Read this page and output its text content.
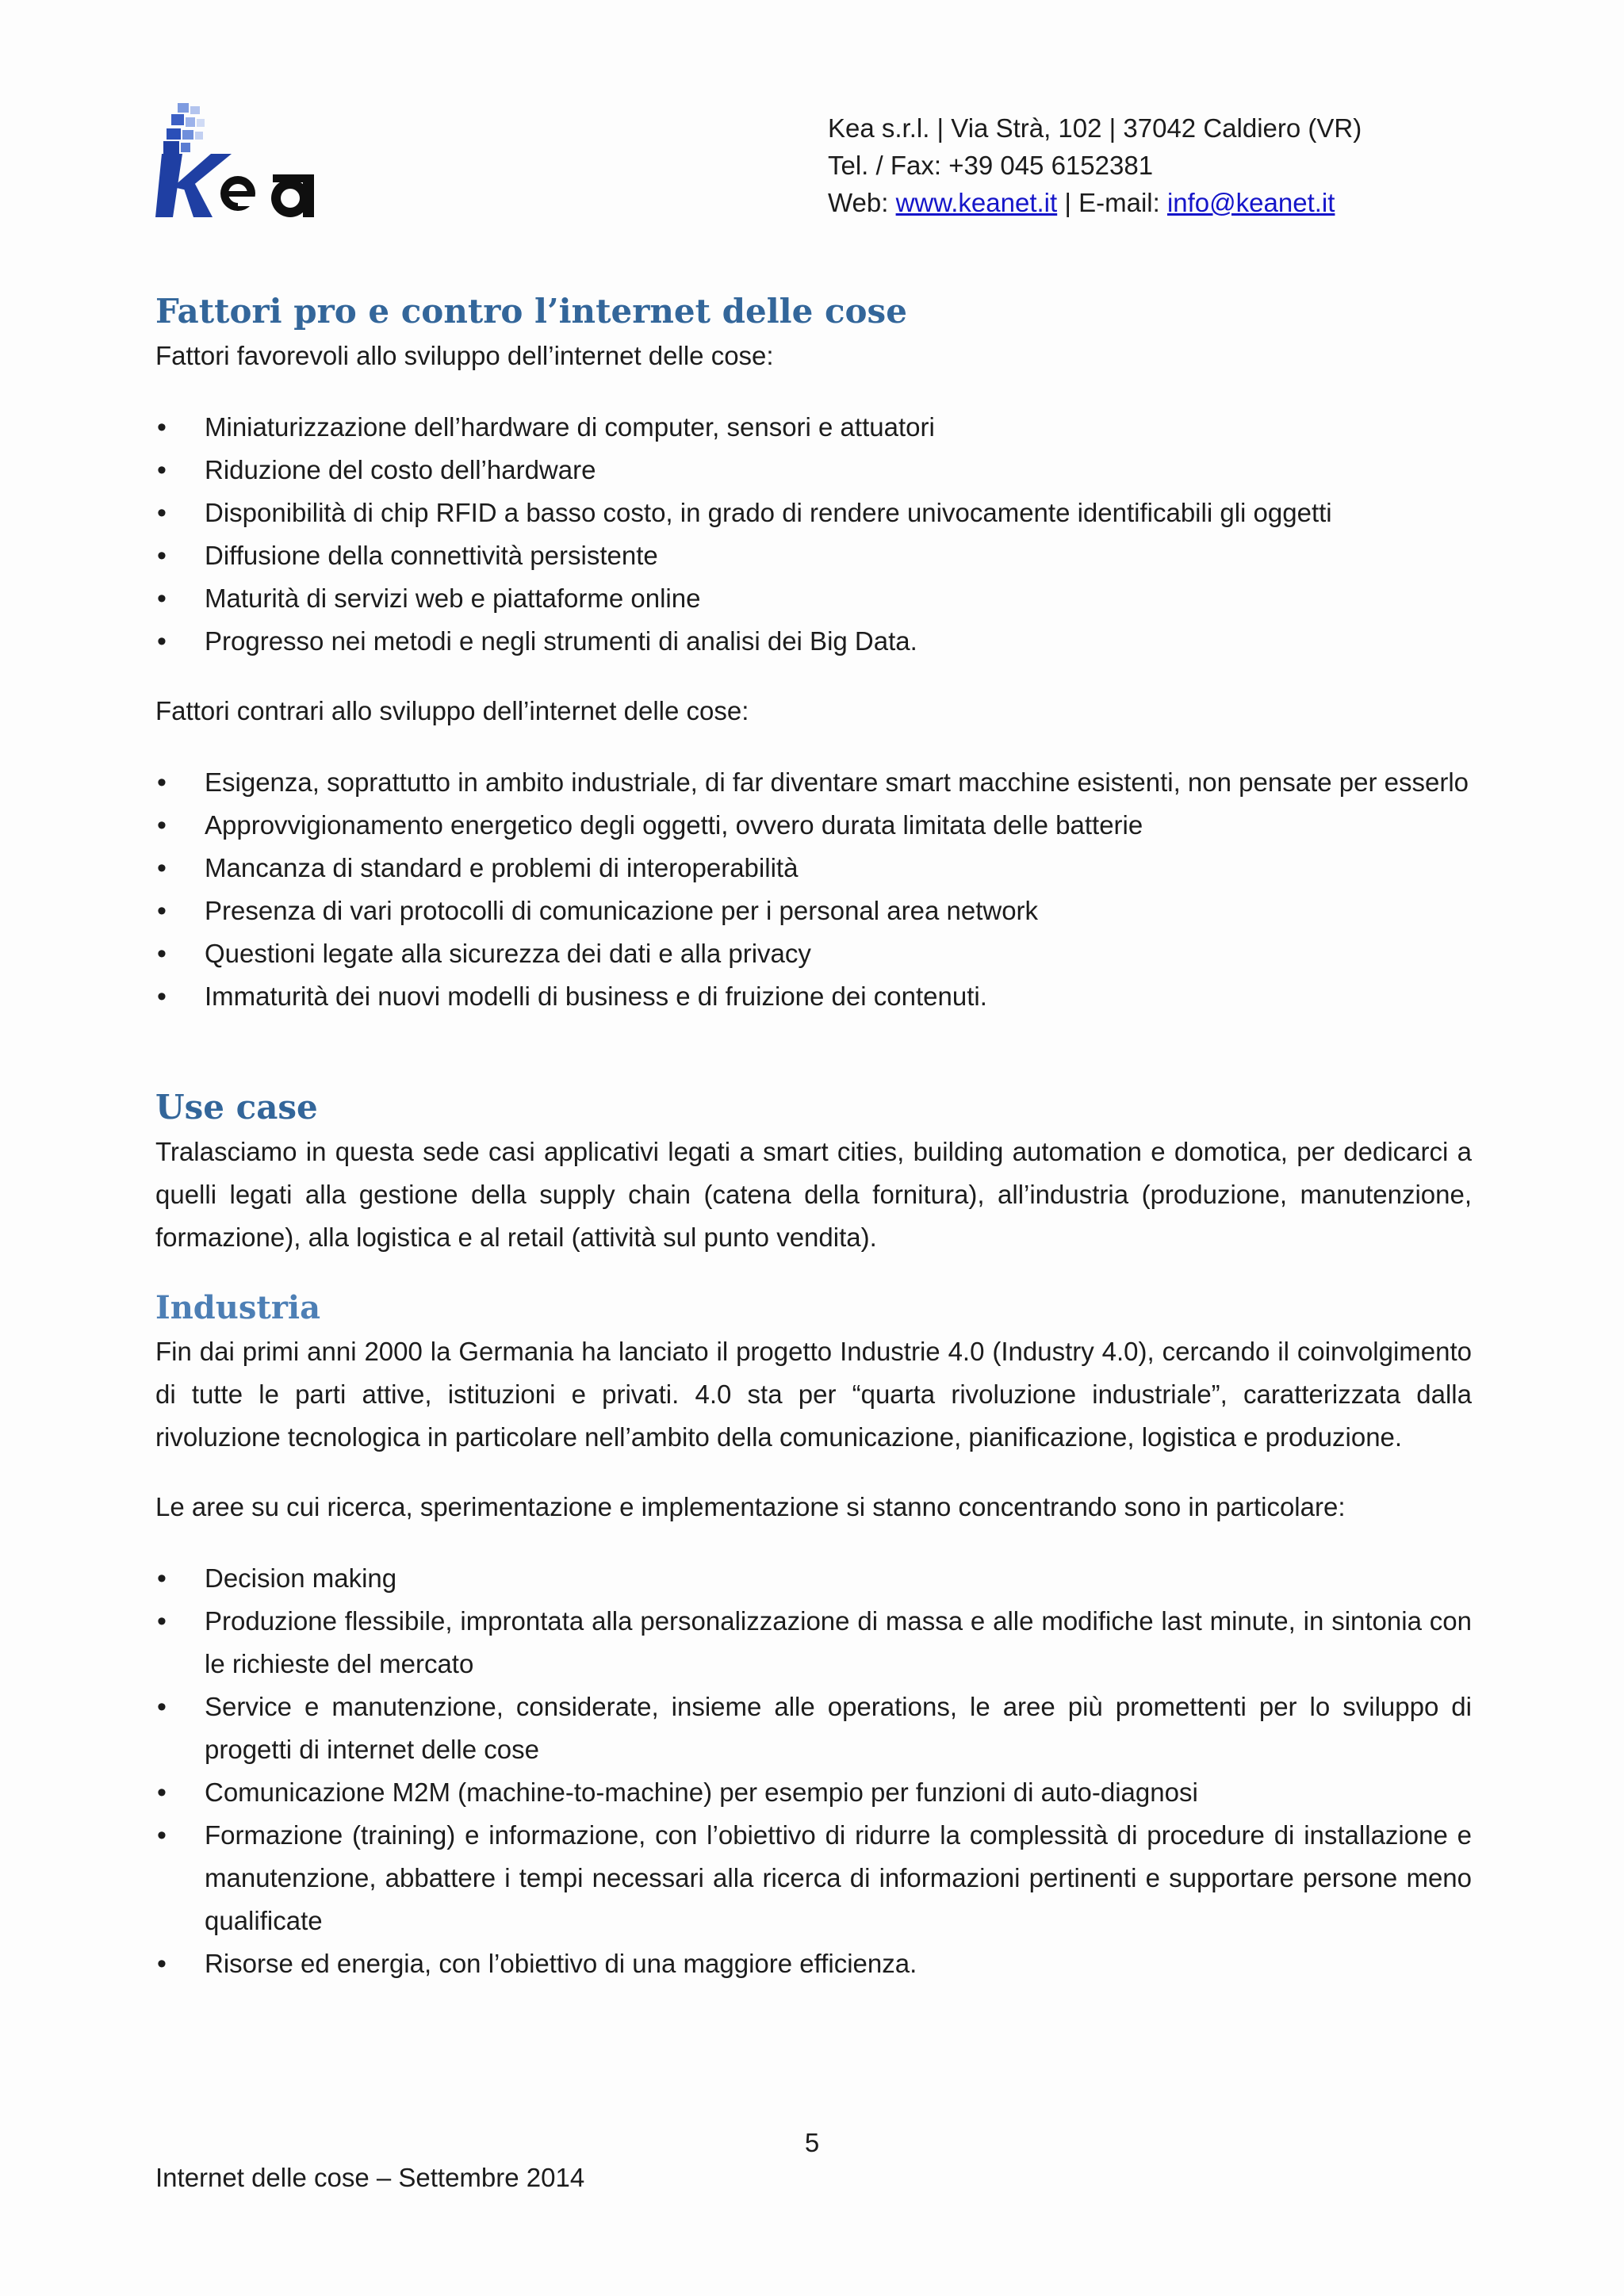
Kea
Kea s.r.l. | Via Strà, 102 | 37042 Caldiero (VR)
Tel. / Fax: +39 045 6152381
Web: www.keanet.it | E-mail: info@keanet.it
Fattori pro e contro l’internet delle cose

Fattori favorevoli allo sviluppo dell’internet delle cose:

• Miniaturizzazione dell’hardware di computer, sensori e attuatori
• Riduzione del costo dell’hardware
• Disponibilità di chip RFID a basso costo, in grado di rendere univocamente identificabili gli oggetti
• Diffusione della connettività persistente
• Maturità di servizi web e piattaforme online
• Progresso nei metodi e negli strumenti di analisi dei Big Data.

Fattori contrari allo sviluppo dell’internet delle cose:

• Esigenza, soprattutto in ambito industriale, di far diventare smart macchine esistenti, non pensate per esserlo
• Approvvigionamento energetico degli oggetti, ovvero durata limitata delle batterie
• Mancanza di standard e problemi di interoperabilità
• Presenza di vari protocolli di comunicazione per i personal area network
• Questioni legate alla sicurezza dei dati e alla privacy
• Immaturità dei nuovi modelli di business e di fruizione dei contenuti.
Use case

Tralasciamo in questa sede casi applicativi legati a smart cities, building automation e domotica, per dedicarci a quelli legati alla gestione della supply chain (catena della fornitura), all’industria (produzione, manutenzione, formazione), alla logistica e al retail (attività sul punto vendita).

Industria

Fin dai primi anni 2000 la Germania ha lanciato il progetto Industrie 4.0 (Industry 4.0), cercando il coinvolgimento di tutte le parti attive, istituzioni e privati. 4.0 sta per “quarta rivoluzione industriale”, caratterizzata dalla rivoluzione tecnologica in particolare nell’ambito della comunicazione, pianificazione, logistica e produzione.

Le aree su cui ricerca, sperimentazione e implementazione si stanno concentrando sono in particolare:

• Decision making
• Produzione flessibile, improntata alla personalizzazione di massa e alle modifiche last minute, in sintonia con le richieste del mercato
• Service e manutenzione, considerate, insieme alle operations, le aree più promettenti per lo sviluppo di progetti di internet delle cose
• Comunicazione M2M (machine-to-machine) per esempio per funzioni di auto-diagnosi
• Formazione (training) e informazione, con l’obiettivo di ridurre la complessità di procedure di installazione e manutenzione, abbattere i tempi necessari alla ricerca di informazioni pertinenti e supportare persone meno qualificate
• Risorse ed energia, con l’obiettivo di una maggiore efficienza.
5
Internet delle cose – Settembre 2014
